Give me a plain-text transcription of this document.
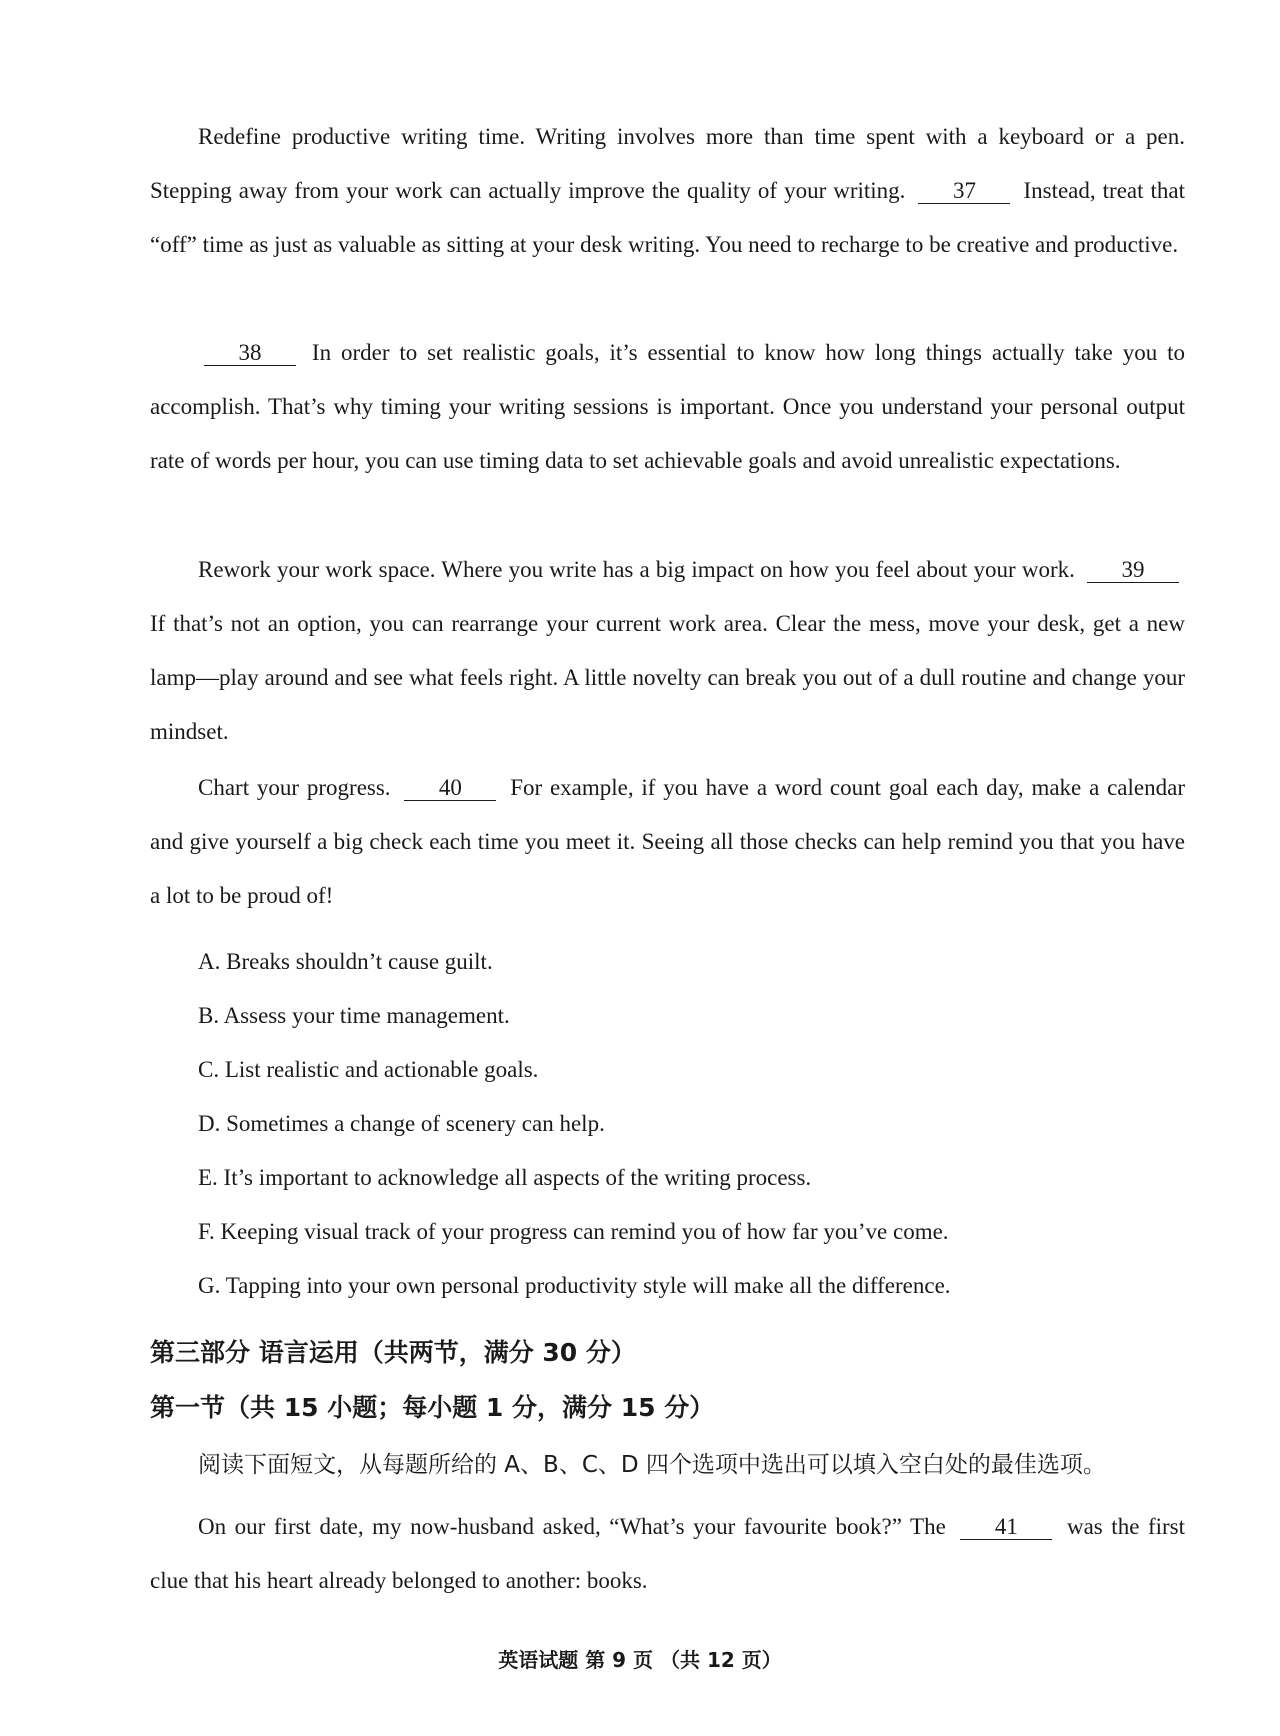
Redefine productive writing time. Writing involves more than time spent with a keyboard or a pen. Stepping away from your work can actually improve the quality of your writing. 37 Instead, treat that “off” time as just as valuable as sitting at your desk writing. You need to recharge to be creative and productive.

38 In order to set realistic goals, it’s essential to know how long things actually take you to accomplish. That’s why timing your writing sessions is important. Once you understand your personal output rate of words per hour, you can use timing data to set achievable goals and avoid unrealistic expectations.

Rework your work space. Where you write has a big impact on how you feel about your work. 39 If that’s not an option, you can rearrange your current work area. Clear the mess, move your desk, get a new lamp—play around and see what feels right. A little novelty can break you out of a dull routine and change your mindset.

Chart your progress. 40 For example, if you have a word count goal each day, make a calendar and give yourself a big check each time you meet it. Seeing all those checks can help remind you that you have a lot to be proud of!

A. Breaks shouldn’t cause guilt.
B. Assess your time management.
C. List realistic and actionable goals.
D. Sometimes a change of scenery can help.
E. It’s important to acknowledge all aspects of the writing process.
F. Keeping visual track of your progress can remind you of how far you’ve come.
G. Tapping into your own personal productivity style will make all the difference.
第三部分 语言运用（共两节，满分 30 分）
第一节（共 15 小题；每小题 1 分，满分 15 分）
阅读下面短文，从每题所给的 A、B、C、D 四个选项中选出可以填入空白处的最佳选项。

On our first date, my now-husband asked, “What’s your favourite book?” The 41 was the first clue that his heart already belonged to another: books.

英语试题 第 9 页 （共 12 页）
